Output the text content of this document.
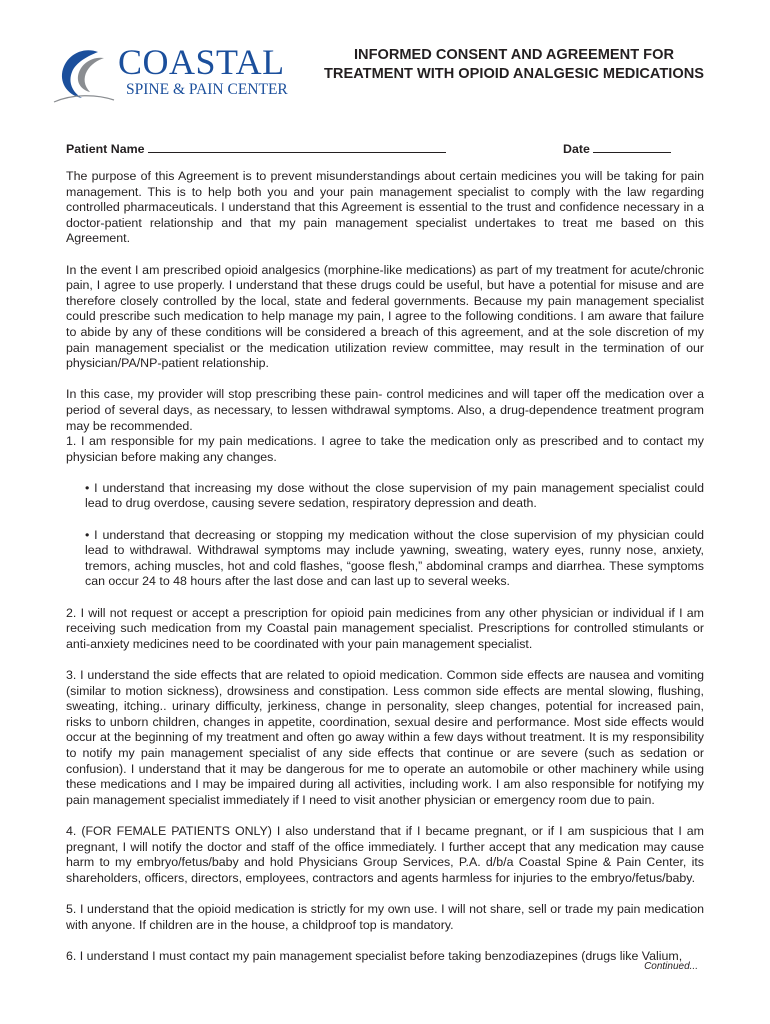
COASTAL
SPINE & PAIN CENTER
INFORMED CONSENT AND AGREEMENT FOR
TREATMENT WITH OPIOID ANALGESIC MEDICATIONS
Patient Name	Date

The purpose of this Agreement is to prevent misunderstandings about certain medicines you will be taking for pain management. This is to help both you and your pain management specialist to comply with the law regarding controlled pharmaceuticals. I understand that this Agreement is essential to the trust and confidence necessary in a doctor-patient relationship and that my pain management specialist undertakes to treat me based on this Agreement.

In the event I am prescribed opioid analgesics (morphine-like medications) as part of my treatment for acute/chronic pain, I agree to use properly. I understand that these drugs could be useful, but have a potential for misuse and are therefore closely controlled by the local, state and federal governments. Because my pain management specialist could prescribe such medication to help manage my pain, I agree to the following conditions. I am aware that failure to abide by any of these conditions will be considered a breach of this agreement, and at the sole discretion of my pain management specialist or the medication utilization review committee, may result in the termination of our physician/PA/NP-patient relationship.

In this case, my provider will stop prescribing these pain- control medicines and will taper off the medication over a period of several days, as necessary, to lessen withdrawal symptoms. Also, a drug-dependence treatment program may be recommended.

1. I am responsible for my pain medications. I agree to take the medication only as prescribed and to contact my physician before making any changes.

• I understand that increasing my dose without the close supervision of my pain management specialist could lead to drug overdose, causing severe sedation, respiratory depression and death.

• I understand that decreasing or stopping my medication without the close supervision of my physician could lead to withdrawal. Withdrawal symptoms may include yawning, sweating, watery eyes, runny nose, anxiety, tremors, aching muscles, hot and cold flashes, “goose flesh,” abdominal cramps and diarrhea. These symptoms can occur 24 to 48 hours after the last dose and can last up to several weeks.

2. I will not request or accept a prescription for opioid pain medicines from any other physician or individual if I am receiving such medication from my Coastal pain management specialist. Prescriptions for controlled stimulants or anti-anxiety medicines need to be coordinated with your pain management specialist.

3. I understand the side effects that are related to opioid medication. Common side effects are nausea and vomiting (similar to motion sickness), drowsiness and constipation. Less common side effects are mental slowing, flushing, sweating, itching.. urinary difficulty, jerkiness, change in personality, sleep changes, potential for increased pain, risks to unborn children, changes in appetite, coordination, sexual desire and performance. Most side effects would occur at the beginning of my treatment and often go away within a few days without treatment. It is my responsibility to notify my pain management specialist of any side effects that continue or are severe (such as sedation or confusion). I understand that it may be dangerous for me to operate an automobile or other machinery while using these medications and I may be impaired during all activities, including work. I am also responsible for notifying my pain management specialist immediately if I need to visit another physician or emergency room due to pain.

4. (FOR FEMALE PATIENTS ONLY) I also understand that if I became pregnant, or if I am suspicious that I am pregnant, I will notify the doctor and staff of the office immediately. I further accept that any medication may cause harm to my embryo/fetus/baby and hold Physicians Group Services, P.A. d/b/a Coastal Spine & Pain Center, its shareholders, officers, directors, employees, contractors and agents harmless for injuries to the embryo/fetus/baby.

5. I understand that the opioid medication is strictly for my own use. I will not share, sell or trade my pain medication with anyone. If children are in the house, a childproof top is mandatory.

6. I understand I must contact my pain management specialist before taking benzodiazepines (drugs like Valium,

Continued...
